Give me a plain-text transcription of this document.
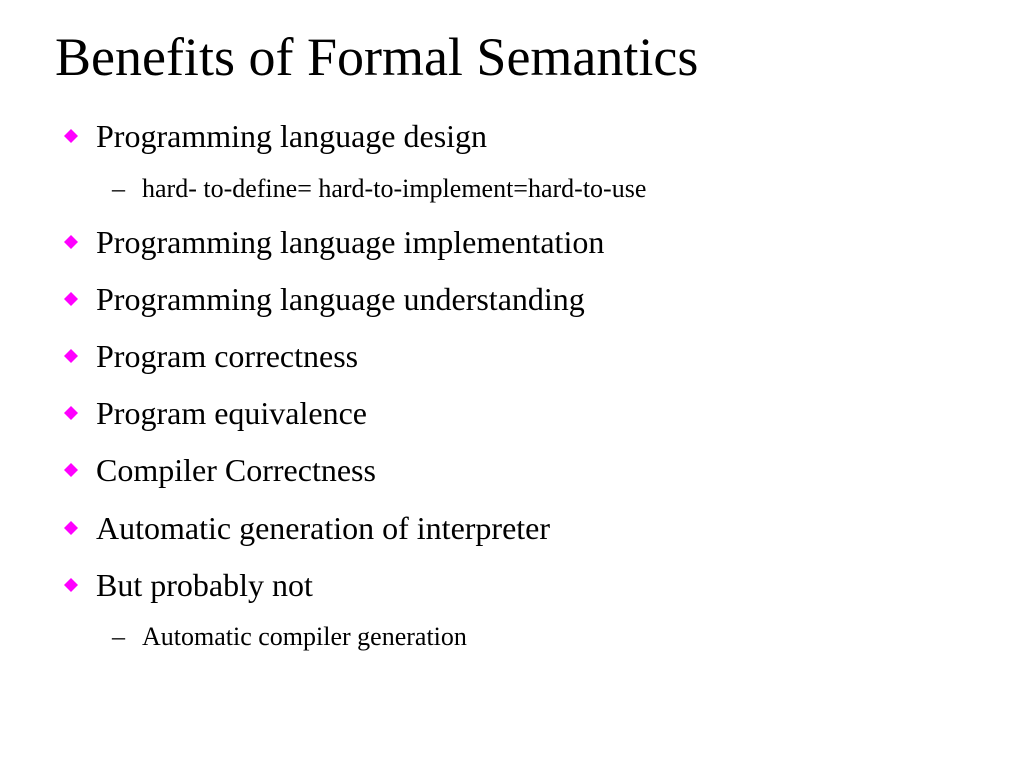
Benefits of Formal Semantics
Programming language design
– hard- to-define= hard-to-implement=hard-to-use
Programming language implementation
Programming language understanding
Program correctness
Program equivalence
Compiler Correctness
Automatic generation of interpreter
But probably not
– Automatic compiler generation
